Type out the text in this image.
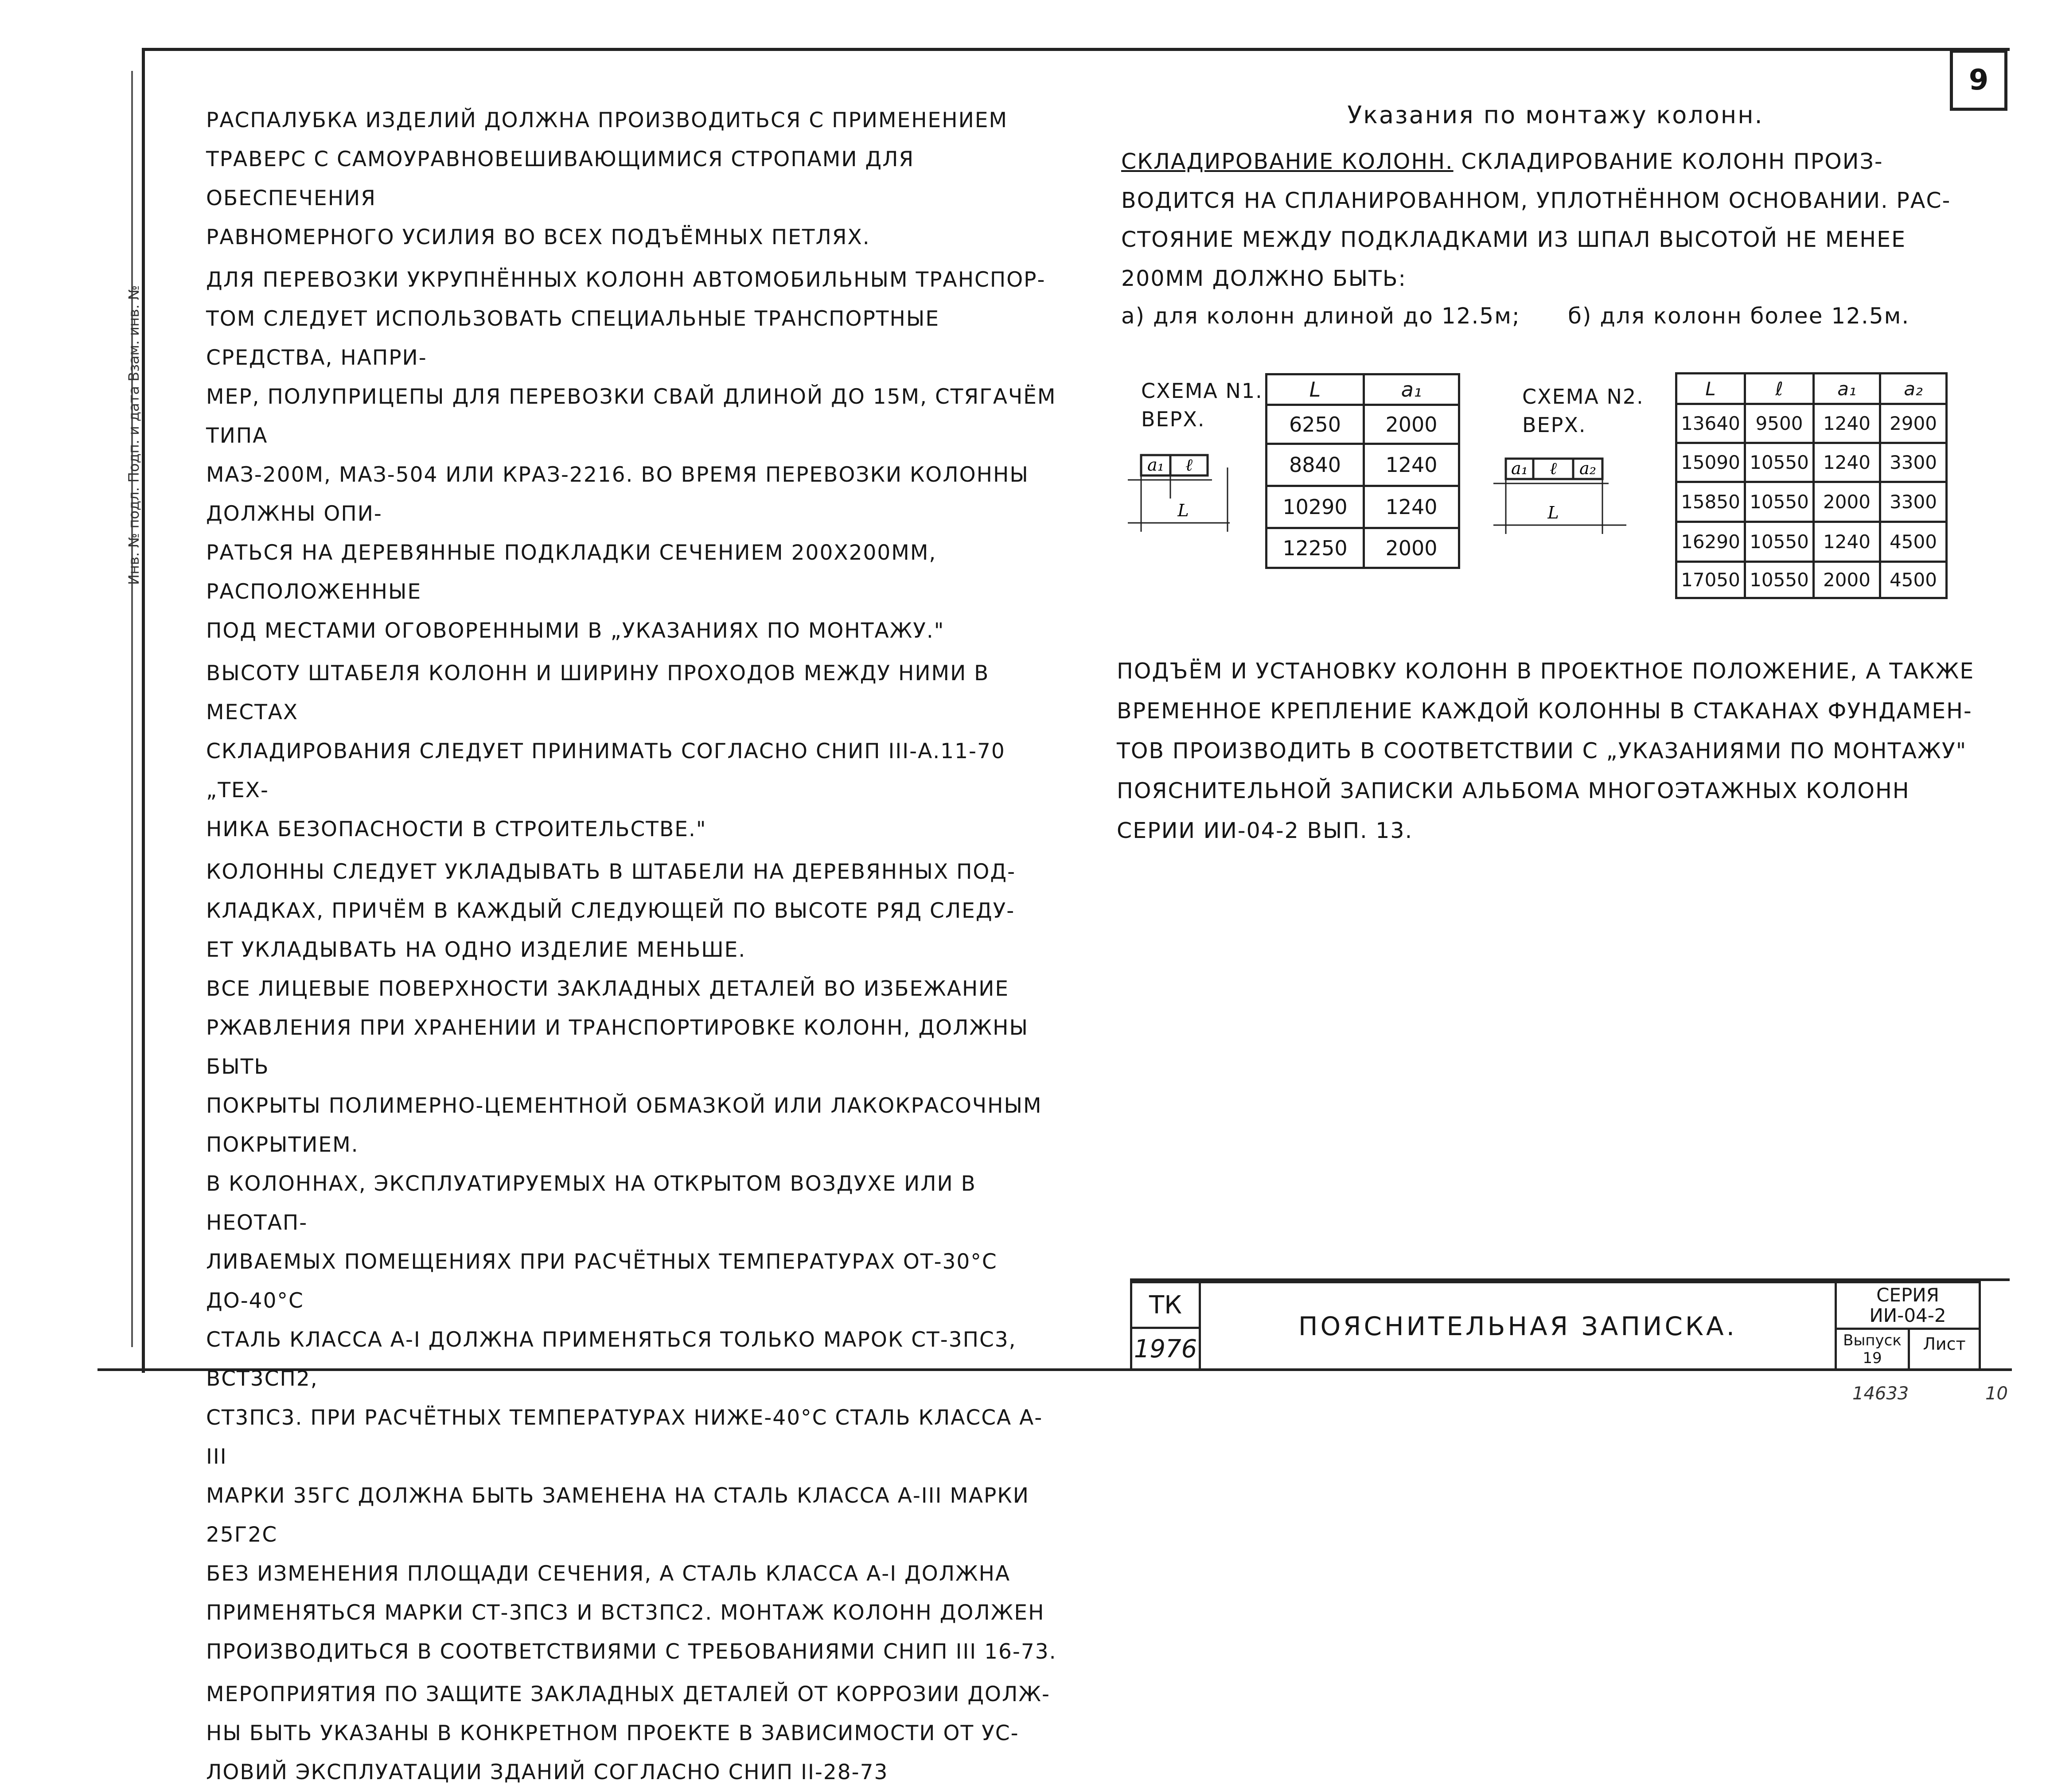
Инв. № подл. Подп. и дата Взам. инв. №
9

РАСПАЛУБКА ИЗДЕЛИЙ ДОЛЖНА ПРОИЗВОДИТЬСЯ С ПРИМЕНЕНИЕМ
ТРАВЕРС С САМОУРАВНОВЕШИВАЮЩИМИСЯ СТРОПАМИ ДЛЯ ОБЕСПЕЧЕНИЯ
РАВНОМЕРНОГО УСИЛИЯ ВО ВСЕХ ПОДЪЁМНЫХ ПЕТЛЯХ.

ДЛЯ ПЕРЕВОЗКИ УКРУПНЁННЫХ КОЛОНН АВТОМОБИЛЬНЫМ ТРАНСПОР-
ТОМ СЛЕДУЕТ ИСПОЛЬЗОВАТЬ СПЕЦИАЛЬНЫЕ ТРАНСПОРТНЫЕ СРЕДСТВА, НАПРИ-
МЕР, ПОЛУПРИЦЕПЫ ДЛЯ ПЕРЕВОЗКИ СВАЙ ДЛИНОЙ ДО 15М, СТЯГАЧЁМ ТИПА
МАЗ-200М, МАЗ-504 ИЛИ КРАЗ-2216. ВО ВРЕМЯ ПЕРЕВОЗКИ КОЛОННЫ ДОЛЖНЫ ОПИ-
РАТЬСЯ НА ДЕРЕВЯННЫЕ ПОДКЛАДКИ СЕЧЕНИЕМ 200Х200ММ, РАСПОЛОЖЕННЫЕ
ПОД МЕСТАМИ ОГОВОРЕННЫМИ В „УКАЗАНИЯХ ПО МОНТАЖУ."

ВЫСОТУ ШТАБЕЛЯ КОЛОНН И ШИРИНУ ПРОХОДОВ МЕЖДУ НИМИ В МЕСТАХ
СКЛАДИРОВАНИЯ СЛЕДУЕТ ПРИНИМАТЬ СОГЛАСНО СНИП III-А.11-70 „ТЕХ-
НИКА БЕЗОПАСНОСТИ В СТРОИТЕЛЬСТВЕ."

КОЛОННЫ СЛЕДУЕТ УКЛАДЫВАТЬ В ШТАБЕЛИ НА ДЕРЕВЯННЫХ ПОД-
КЛАДКАХ, ПРИЧЁМ В КАЖДЫЙ СЛЕДУЮЩЕЙ ПО ВЫСОТЕ РЯД СЛЕДУ-
ЕТ УКЛАДЫВАТЬ НА ОДНО ИЗДЕЛИЕ МЕНЬШЕ.

ВСЕ ЛИЦЕВЫЕ ПОВЕРХНОСТИ ЗАКЛАДНЫХ ДЕТАЛЕЙ ВО ИЗБЕЖАНИЕ
РЖАВЛЕНИЯ ПРИ ХРАНЕНИИ И ТРАНСПОРТИРОВКЕ КОЛОНН, ДОЛЖНЫ БЫТЬ
ПОКРЫТЫ ПОЛИМЕРНО-ЦЕМЕНТНОЙ ОБМАЗКОЙ ИЛИ ЛАКОКРАСОЧНЫМ ПОКРЫТИЕМ.

В КОЛОННАХ, ЭКСПЛУАТИРУЕМЫХ НА ОТКРЫТОМ ВОЗДУХЕ ИЛИ В НЕОТАП-
ЛИВАЕМЫХ ПОМЕЩЕНИЯХ ПРИ РАСЧЁТНЫХ ТЕМПЕРАТУРАХ ОТ-30°С ДО-40°С
СТАЛЬ КЛАССА А-I ДОЛЖНА ПРИМЕНЯТЬСЯ ТОЛЬКО МАРОК СТ-3ПС3, ВСТ3СП2,
СТ3ПС3. ПРИ РАСЧЁТНЫХ ТЕМПЕРАТУРАХ НИЖЕ-40°С СТАЛЬ КЛАССА А-III
МАРКИ 35ГС ДОЛЖНА БЫТЬ ЗАМЕНЕНА НА СТАЛЬ КЛАССА А-III МАРКИ 25Г2С
БЕЗ ИЗМЕНЕНИЯ ПЛОЩАДИ СЕЧЕНИЯ, А СТАЛЬ КЛАССА А-I ДОЛЖНА
ПРИМЕНЯТЬСЯ МАРКИ СТ-3ПС3 И ВСТ3ПС2. МОНТАЖ КОЛОНН ДОЛЖЕН
ПРОИЗВОДИТЬСЯ В СООТВЕТСТВИЯМИ С ТРЕБОВАНИЯМИ СНИП III 16-73.

МЕРОПРИЯТИЯ ПО ЗАЩИТЕ ЗАКЛАДНЫХ ДЕТАЛЕЙ ОТ КОРРОЗИИ ДОЛЖ-
НЫ БЫТЬ УКАЗАНЫ В КОНКРЕТНОМ ПРОЕКТЕ В ЗАВИСИМОСТИ ОТ УС-
ЛОВИЙ ЭКСПЛУАТАЦИИ ЗДАНИЙ СОГЛАСНО СНИП II-28-73

Указания по монтажу колонн.

СКЛАДИРОВАНИЕ КОЛОНН. СКЛАДИРОВАНИЕ КОЛОНН ПРОИЗ-ВОДИТСЯ НА СПЛАНИРОВАННОМ, УПЛОТНЁННОМ ОСНОВАНИИ. РАС-СТОЯНИЕ МЕЖДУ ПОДКЛАДКАМИ ИЗ ШПАЛ ВЫСОТОЙ НЕ МЕНЕЕ 200ММ ДОЛЖНО БЫТЬ:

а) для колонн длиной до 12.5м; б) для колонн более 12.5м.

СХЕМА N1.
ВЕРХ.
a₁ ℓ
L
L	a₁
6250	2000
8840	1240
10290	1240
12250	2000
СХЕМА N2.
ВЕРХ.
a₁ ℓ a₂
L
L	ℓ	a₁	a₂
13640	9500	1240	2900
15090	10550	1240	3300
15850	10550	2000	3300
16290	10550	1240	4500
17050	10550	2000	4500

ПОДЪЁМ И УСТАНОВКУ КОЛОНН В ПРОЕКТНОЕ ПОЛОЖЕНИЕ, А ТАКЖЕ
ВРЕМЕННОЕ КРЕПЛЕНИЕ КАЖДОЙ КОЛОННЫ В СТАКАНАХ ФУНДАМЕН-
ТОВ ПРОИЗВОДИТЬ В СООТВЕТСТВИИ С „УКАЗАНИЯМИ ПО МОНТАЖУ"
ПОЯСНИТЕЛЬНОЙ ЗАПИСКИ АЛЬБОМА МНОГОЭТАЖНЫХ КОЛОНН
СЕРИИ ИИ-04-2 ВЫП. 13.

ТК
1976
ПОЯСНИТЕЛЬНАЯ ЗАПИСКА.
СЕРИЯ
ИИ-04-2
Выпуск
19
Лист
14633	10
